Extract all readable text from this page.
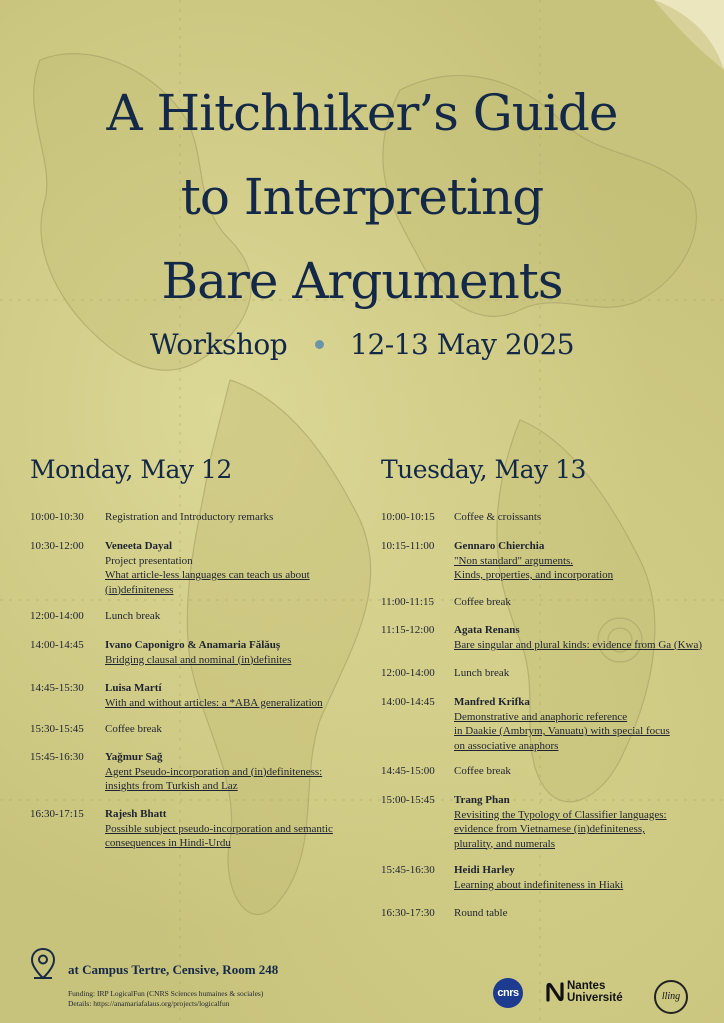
A Hitchhiker’s Guide
to Interpreting
Bare Arguments
Workshop 12-13 May 2025
Monday, May 12	Tuesday, May 13
10:00-10:30	Registration and Introductory remarks
10:30-12:00	Veneeta Dayal
Project presentation
What article-less languages can teach us about
(in)definiteness
12:00-14:00	Lunch break
14:00-14:45	Ivano Caponigro & Anamaria Fălăuș
Bridging clausal and nominal (in)definites
14:45-15:30	Luisa Martí
With and without articles: a *ABA generalization
15:30-15:45	Coffee break
15:45-16:30	Yağmur Sağ
Agent Pseudo-incorporation and (in)definiteness:
insights from Turkish and Laz
16:30-17:15	Rajesh Bhatt
Possible subject pseudo-incorporation and semantic
consequences in Hindi-Urdu
10:00-10:15	Coffee & croissants
10:15-11:00	Gennaro Chierchia
"Non standard" arguments.
Kinds, properties, and incorporation
11:00-11:15	Coffee break
11:15-12:00	Agata Renans
Bare singular and plural kinds: evidence from Ga (Kwa)
12:00-14:00	Lunch break
14:00-14:45	Manfred Krifka
Demonstrative and anaphoric reference
in Daakie (Ambrym, Vanuatu) with special focus
on associative anaphors
14:45-15:00	Coffee break
15:00-15:45	Trang Phan
Revisiting the Typology of Classifier languages:
evidence from Vietnamese (in)definiteness,
plurality, and numerals
15:45-16:30	Heidi Harley
Learning about indefiniteness in Hiaki
16:30-17:30	Round table
at Campus Tertre, Censive, Room 248
Funding: IRP LogicalFun (CNRS Sciences humaines & sociales)
Details: https://anamariafalaus.org/projects/logicalfun
cnrs
Nantes
Université	lling
